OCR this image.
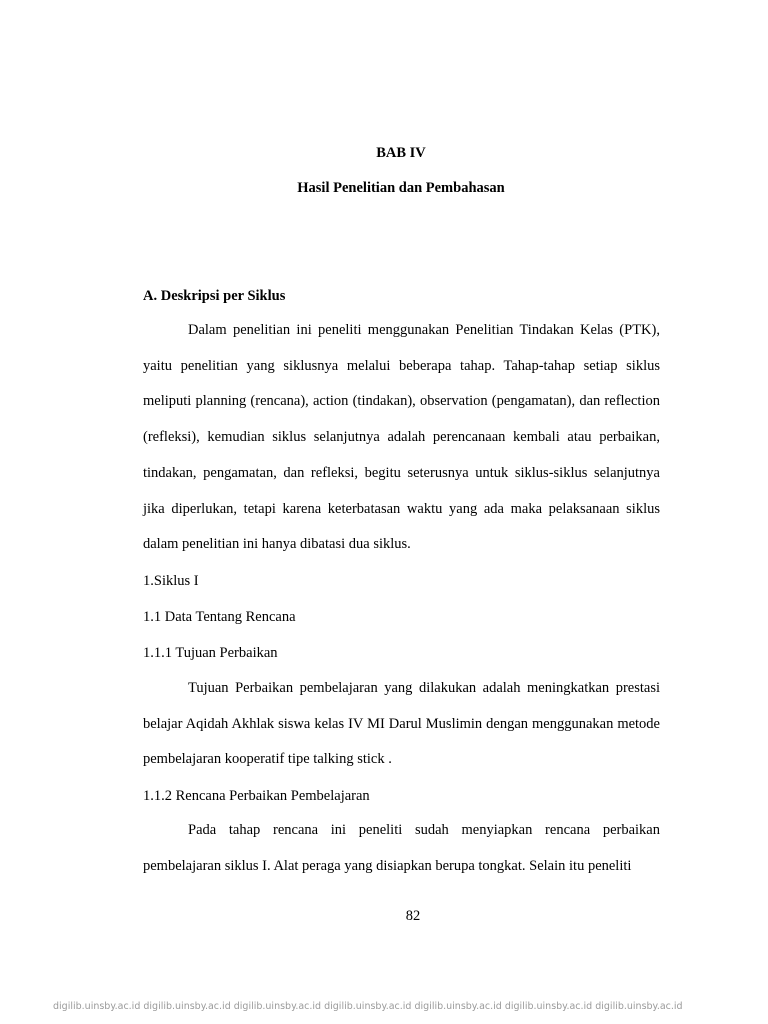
BAB IV
Hasil Penelitian dan Pembahasan
A. Deskripsi per Siklus

Dalam penelitian ini peneliti menggunakan Penelitian Tindakan Kelas (PTK), yaitu penelitian yang siklusnya melalui beberapa tahap. Tahap-tahap setiap siklus meliputi planning (rencana), action (tindakan), observation (pengamatan), dan reflection (refleksi), kemudian siklus selanjutnya adalah perencanaan kembali atau perbaikan, tindakan, pengamatan, dan refleksi, begitu seterusnya untuk siklus-siklus selanjutnya jika diperlukan, tetapi karena keterbatasan waktu yang ada maka pelaksanaan siklus dalam penelitian ini hanya dibatasi dua siklus.

1.Siklus I
1.1 Data Tentang Rencana
1.1.1 Tujuan Perbaikan

Tujuan Perbaikan pembelajaran yang dilakukan adalah meningkatkan prestasi belajar Aqidah Akhlak siswa kelas IV MI Darul Muslimin dengan menggunakan metode pembelajaran kooperatif tipe talking stick .

1.1.2 Rencana Perbaikan Pembelajaran

Pada tahap rencana ini peneliti sudah menyiapkan rencana perbaikan pembelajaran siklus I. Alat peraga yang disiapkan berupa tongkat. Selain itu peneliti

82
digilib.uinsby.ac.id digilib.uinsby.ac.id digilib.uinsby.ac.id digilib.uinsby.ac.id digilib.uinsby.ac.id digilib.uinsby.ac.id digilib.uinsby.ac.id
